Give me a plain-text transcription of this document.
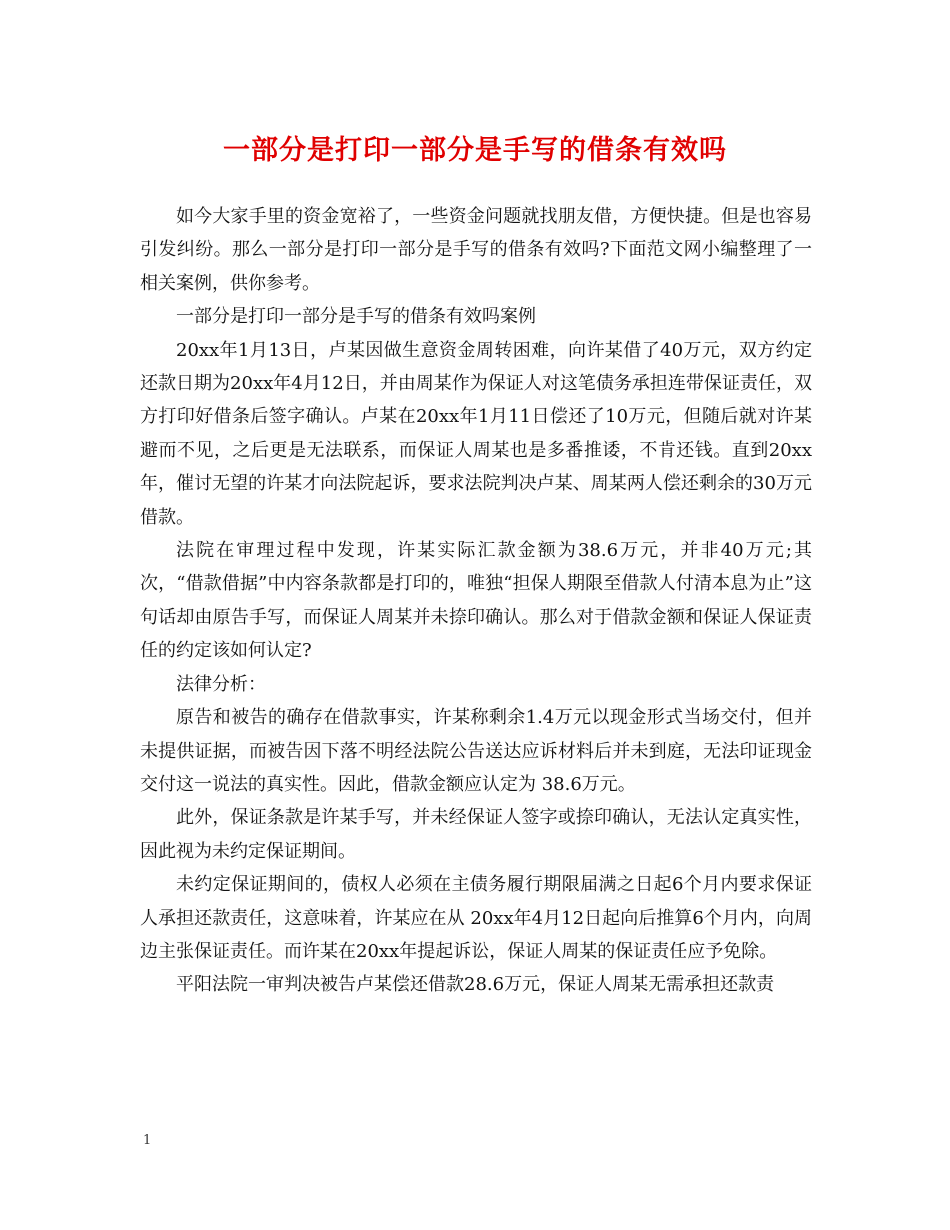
一部分是打印一部分是手写的借条有效吗

如今大家手里的资金宽裕了，一些资金问题就找朋友借，方便快捷。但是也容易引发纠纷。那么一部分是打印一部分是手写的借条有效吗?下面范文网小编整理了一相关案例，供你参考。

一部分是打印一部分是手写的借条有效吗案例

20xx年1月13日，卢某因做生意资金周转困难，向许某借了40万元，双方约定还款日期为20xx年4月12日，并由周某作为保证人对这笔债务承担连带保证责任，双方打印好借条后签字确认。卢某在20xx年1月11日偿还了10万元，但随后就对许某避而不见，之后更是无法联系，而保证人周某也是多番推诿，不肯还钱。直到20xx年，催讨无望的许某才向法院起诉，要求法院判决卢某、周某两人偿还剩余的30万元借款。

法院在审理过程中发现，许某实际汇款金额为38.6万元，并非40万元;其次，“借款借据”中内容条款都是打印的，唯独“担保人期限至借款人付清本息为止”这句话却由原告手写，而保证人周某并未捺印确认。那么对于借款金额和保证人保证责任的约定该如何认定?

法律分析：

原告和被告的确存在借款事实，许某称剩余1.4万元以现金形式当场交付，但并未提供证据，而被告因下落不明经法院公告送达应诉材料后并未到庭，无法印证现金交付这一说法的真实性。因此，借款金额应认定为 38.6万元。

此外，保证条款是许某手写，并未经保证人签字或捺印确认，无法认定真实性，因此视为未约定保证期间。

未约定保证期间的，债权人必须在主债务履行期限届满之日起6个月内要求保证人承担还款责任，这意味着，许某应在从 20xx年4月12日起向后推算6个月内，向周边主张保证责任。而许某在20xx年提起诉讼，保证人周某的保证责任应予免除。

平阳法院一审判决被告卢某偿还借款28.6万元，保证人周某无需承担还款责

1
